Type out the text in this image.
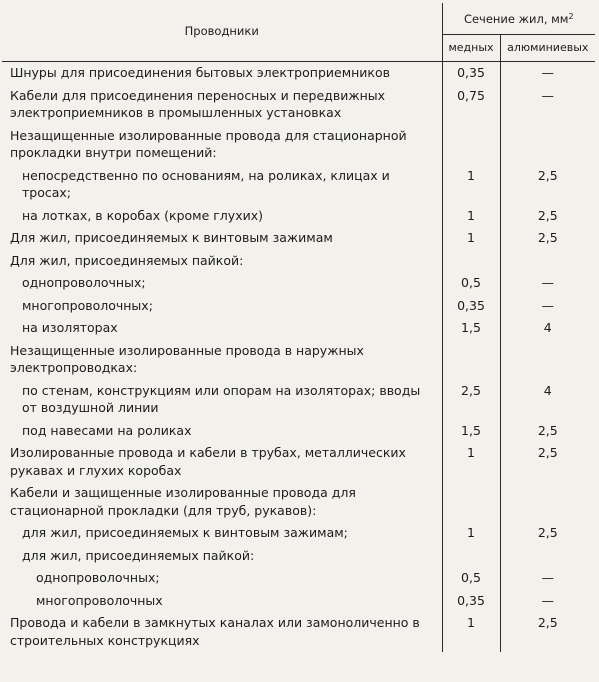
Проводники	Сечение жил, $мм^2$
	медных	алюминиевых
Шнуры для присоединения бытовых электроприемников	0,35	—
Кабели для присоединения переносных и передвижных электроприемников в промышленных установках	0,75	—
Незащищенные изолированные провода для стационарной прокладки внутри помещений:		
непосредственно по основаниям, на роликах, клицах и тросах;	1	2,5
на лотках, в коробах (кроме глухих)	1	2,5
Для жил, присоединяемых к винтовым зажимам	1	2,5
Для жил, присоединяемых пайкой:		
однопроволочных;	0,5	—
многопроволочных;	0,35	—
на изоляторах	1,5	4
Незащищенные изолированные провода в наружных электропроводках:		
по стенам, конструкциям или опорам на изоляторах; вводы от воздушной линии	2,5	4
под навесами на роликах	1,5	2,5
Изолированные провода и кабели в трубах, металлических рукавах и глухих коробах	1	2,5
Кабели и защищенные изолированные провода для стационарной прокладки (для труб, рукавов):		
для жил, присоединяемых к винтовым зажимам;	1	2,5
для жил, присоединяемых пайкой:		
однопроволочных;	0,5	—
многопроволочных	0,35	—
Провода и кабели в замкнутых каналах или замоноличенно в строительных конструкциях	1	2,5
